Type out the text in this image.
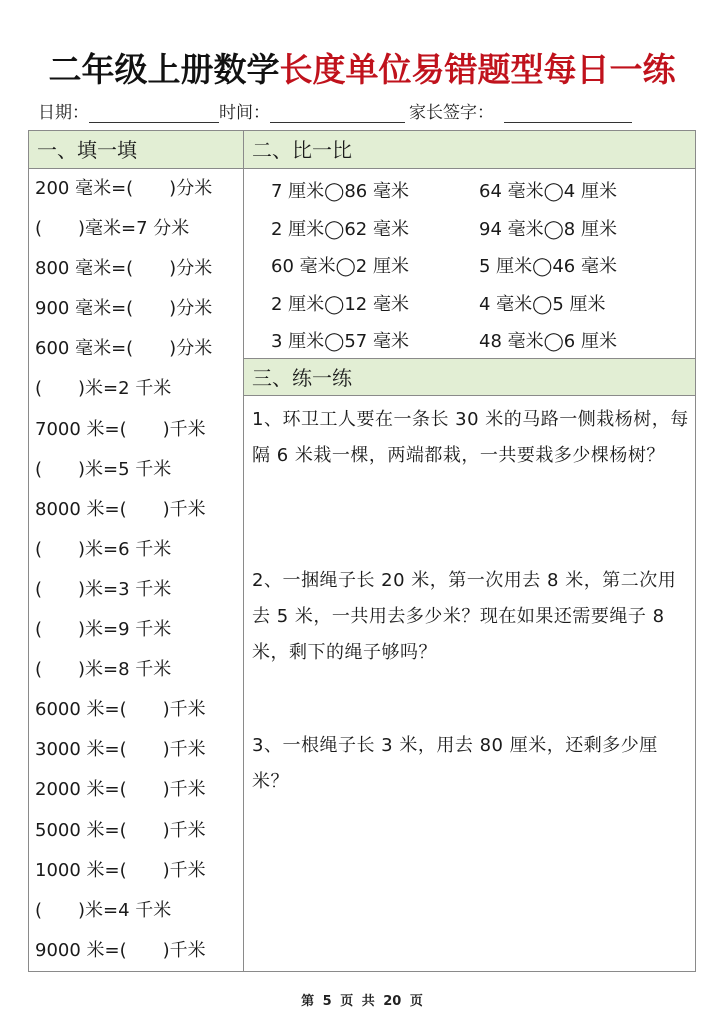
二年级上册数学长度单位易错题型每日一练
日期：	时间：	家长签字：
一、填一填
200 毫米=(　　)分米
(　　)毫米=7 分米
800 毫米=(　　)分米
900 毫米=(　　)分米
600 毫米=(　　)分米
(　　)米=2 千米
7000 米=(　　)千米
(　　)米=5 千米
8000 米=(　　)千米
(　　)米=6 千米
(　　)米=3 千米
(　　)米=9 千米
(　　)米=8 千米
6000 米=(　　)千米
3000 米=(　　)千米
2000 米=(　　)千米
5000 米=(　　)千米
1000 米=(　　)千米
(　　)米=4 千米
9000 米=(　　)千米
二、比一比
7 厘米◯86 毫米	64 毫米◯4 厘米
2 厘米◯62 毫米	94 毫米◯8 厘米
60 毫米◯2 厘米	5 厘米◯46 毫米
2 厘米◯12 毫米	4 毫米◯5 厘米
3 厘米◯57 毫米	48 毫米◯6 厘米
三、练一练
1、环卫工人要在一条长 30 米的马路一侧栽杨树，每隔 6 米栽一棵，两端都栽，一共要栽多少棵杨树？
2、一捆绳子长 20 米，第一次用去 8 米，第二次用去 5 米，一共用去多少米？现在如果还需要绳子 8 米，剩下的绳子够吗？
3、一根绳子长 3 米，用去 80 厘米，还剩多少厘米？
第 5 页 共 20 页
